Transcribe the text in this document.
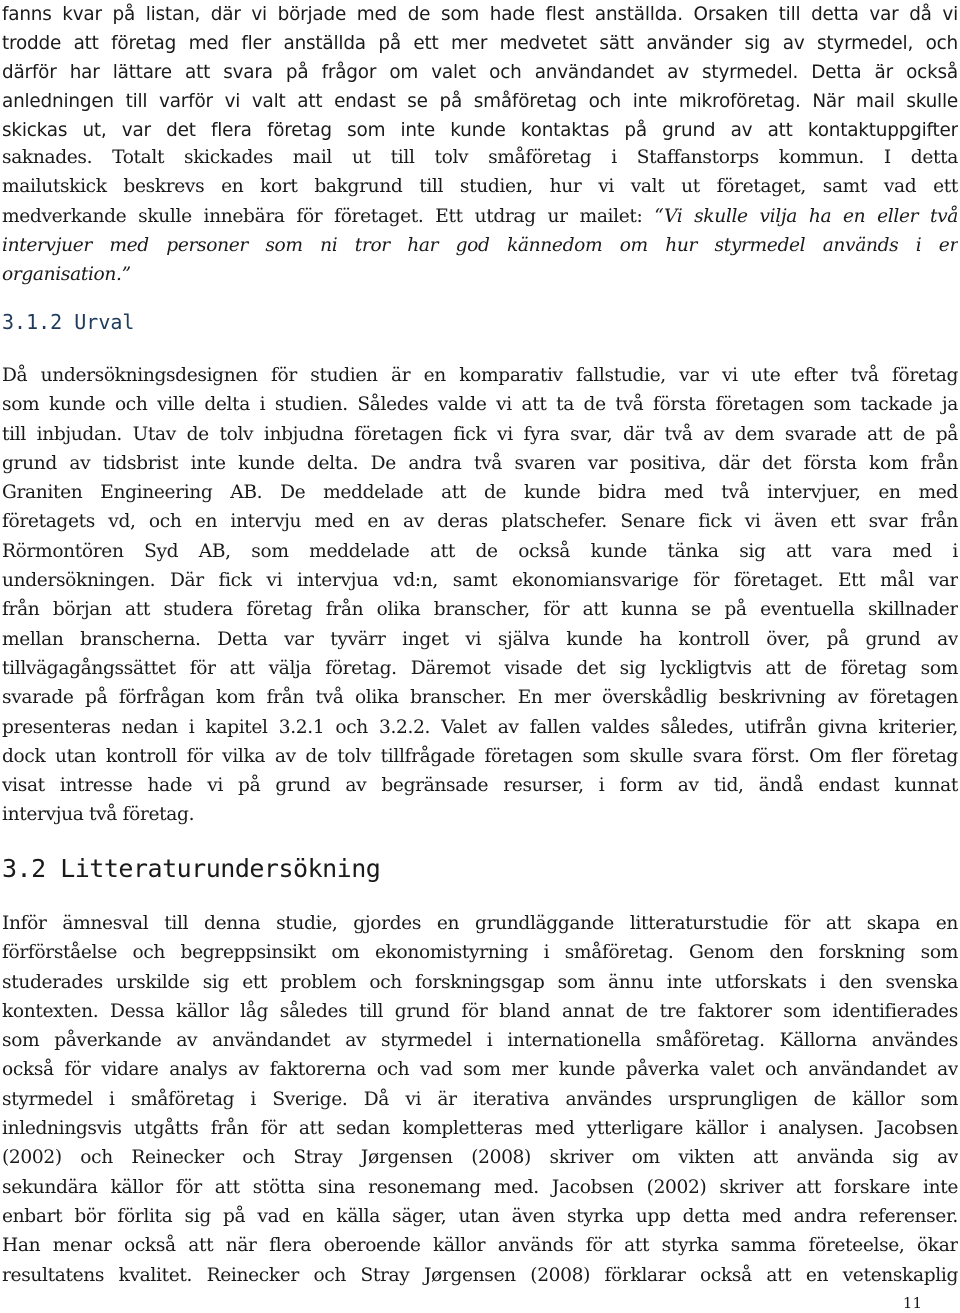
fanns kvar på listan, där vi började med de som hade flest anställda. Orsaken till detta var då vi
trodde att företag med fler anställda på ett mer medvetet sätt använder sig av styrmedel, och
därför har lättare att svara på frågor om valet och användandet av styrmedel. Detta är också
anledningen till varför vi valt att endast se på småföretag och inte mikroföretag. När mail skulle
skickas ut, var det flera företag som inte kunde kontaktas på grund av att kontaktuppgifter
saknades. Totalt skickades mail ut till tolv småföretag i Staffanstorps kommun. I detta
mailutskick beskrevs en kort bakgrund till studien, hur vi valt ut företaget, samt vad ett
medverkande skulle innebära för företaget. Ett utdrag ur mailet: “Vi skulle vilja ha en eller två
intervjuer med personer som ni tror har god kännedom om hur styrmedel används i er
organisation.”
3.1.2 Urval
Då undersökningsdesignen för studien är en komparativ fallstudie, var vi ute efter två företag
som kunde och ville delta i studien. Således valde vi att ta de två första företagen som tackade ja
till inbjudan. Utav de tolv inbjudna företagen fick vi fyra svar, där två av dem svarade att de på
grund av tidsbrist inte kunde delta. De andra två svaren var positiva, där det första kom från
Graniten Engineering AB. De meddelade att de kunde bidra med två intervjuer, en med
företagets vd, och en intervju med en av deras platschefer. Senare fick vi även ett svar från
Rörmontören Syd AB, som meddelade att de också kunde tänka sig att vara med i
undersökningen. Där fick vi intervjua vd:n, samt ekonomiansvarige för företaget. Ett mål var
från början att studera företag från olika branscher, för att kunna se på eventuella skillnader
mellan branscherna. Detta var tyvärr inget vi själva kunde ha kontroll över, på grund av
tillvägagångssättet för att välja företag. Däremot visade det sig lyckligtvis att de företag som
svarade på förfrågan kom från två olika branscher. En mer överskådlig beskrivning av företagen
presenteras nedan i kapitel 3.2.1 och 3.2.2. Valet av fallen valdes således, utifrån givna kriterier,
dock utan kontroll för vilka av de tolv tillfrågade företagen som skulle svara först. Om fler företag
visat intresse hade vi på grund av begränsade resurser, i form av tid, ändå endast kunnat
intervjua två företag.
3.2 Litteraturundersökning
Inför ämnesval till denna studie, gjordes en grundläggande litteraturstudie för att skapa en
förförståelse och begreppsinsikt om ekonomistyrning i småföretag. Genom den forskning som
studerades urskilde sig ett problem och forskningsgap som ännu inte utforskats i den svenska
kontexten. Dessa källor låg således till grund för bland annat de tre faktorer som identifierades
som påverkande av användandet av styrmedel i internationella småföretag. Källorna användes
också för vidare analys av faktorerna och vad som mer kunde påverka valet och användandet av
styrmedel i småföretag i Sverige. Då vi är iterativa användes ursprungligen de källor som
inledningsvis utgåtts från för att sedan kompletteras med ytterligare källor i analysen. Jacobsen
(2002) och Reinecker och Stray Jørgensen (2008) skriver om vikten att använda sig av
sekundära källor för att stötta sina resonemang med. Jacobsen (2002) skriver att forskare inte
enbart bör förlita sig på vad en källa säger, utan även styrka upp detta med andra referenser.
Han menar också att när flera oberoende källor används för att styrka samma företeelse, ökar
resultatens kvalitet. Reinecker och Stray Jørgensen (2008) förklarar också att en vetenskaplig
11
